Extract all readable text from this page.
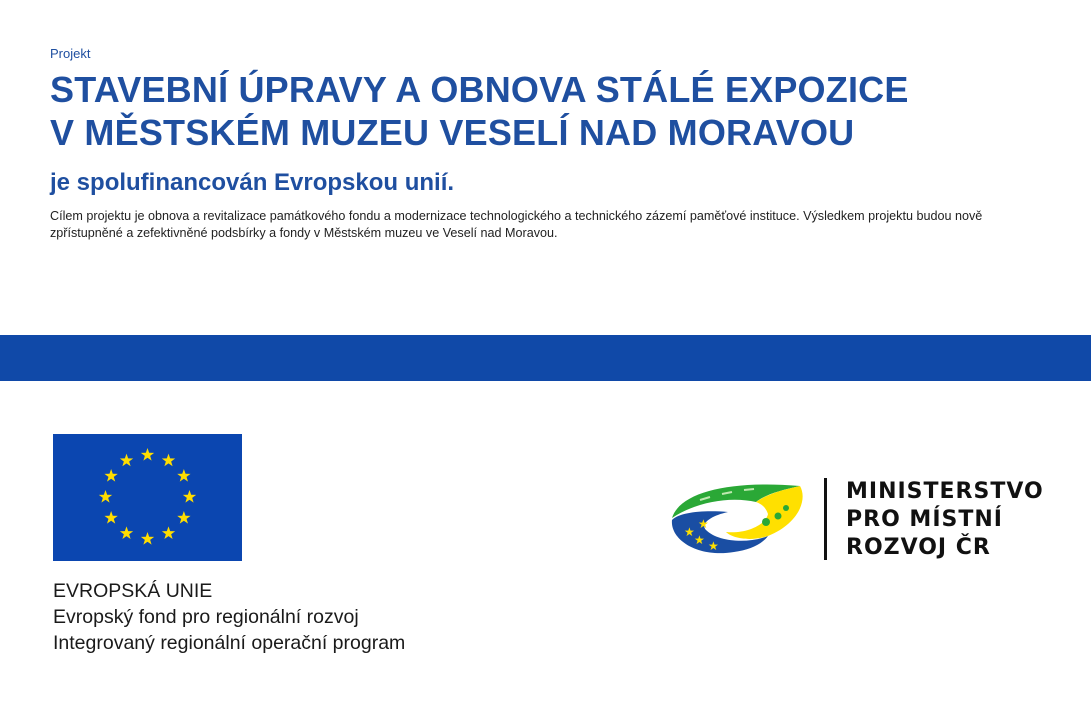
Projekt
STAVEBNÍ ÚPRAVY A OBNOVA STÁLÉ EXPOZICE
V MĚSTSKÉM MUZEU VESELÍ NAD MORAVOU
je spolufinancován Evropskou unií.

Cílem projektu je obnova a revitalizace památkového fondu a modernizace technologického a technického zázemí paměťové instituce. Výsledkem projektu budou nově zpřístupněné a zefektivněné podsbírky a fondy v Městském muzeu ve Veselí nad Moravou.

EVROPSKÁ UNIE
Evropský fond pro regionální rozvoj
Integrovaný regionální operační program
★
★
★ ★
MINISTERSTVO
PRO MÍSTNÍ
ROZVOJ ČR
